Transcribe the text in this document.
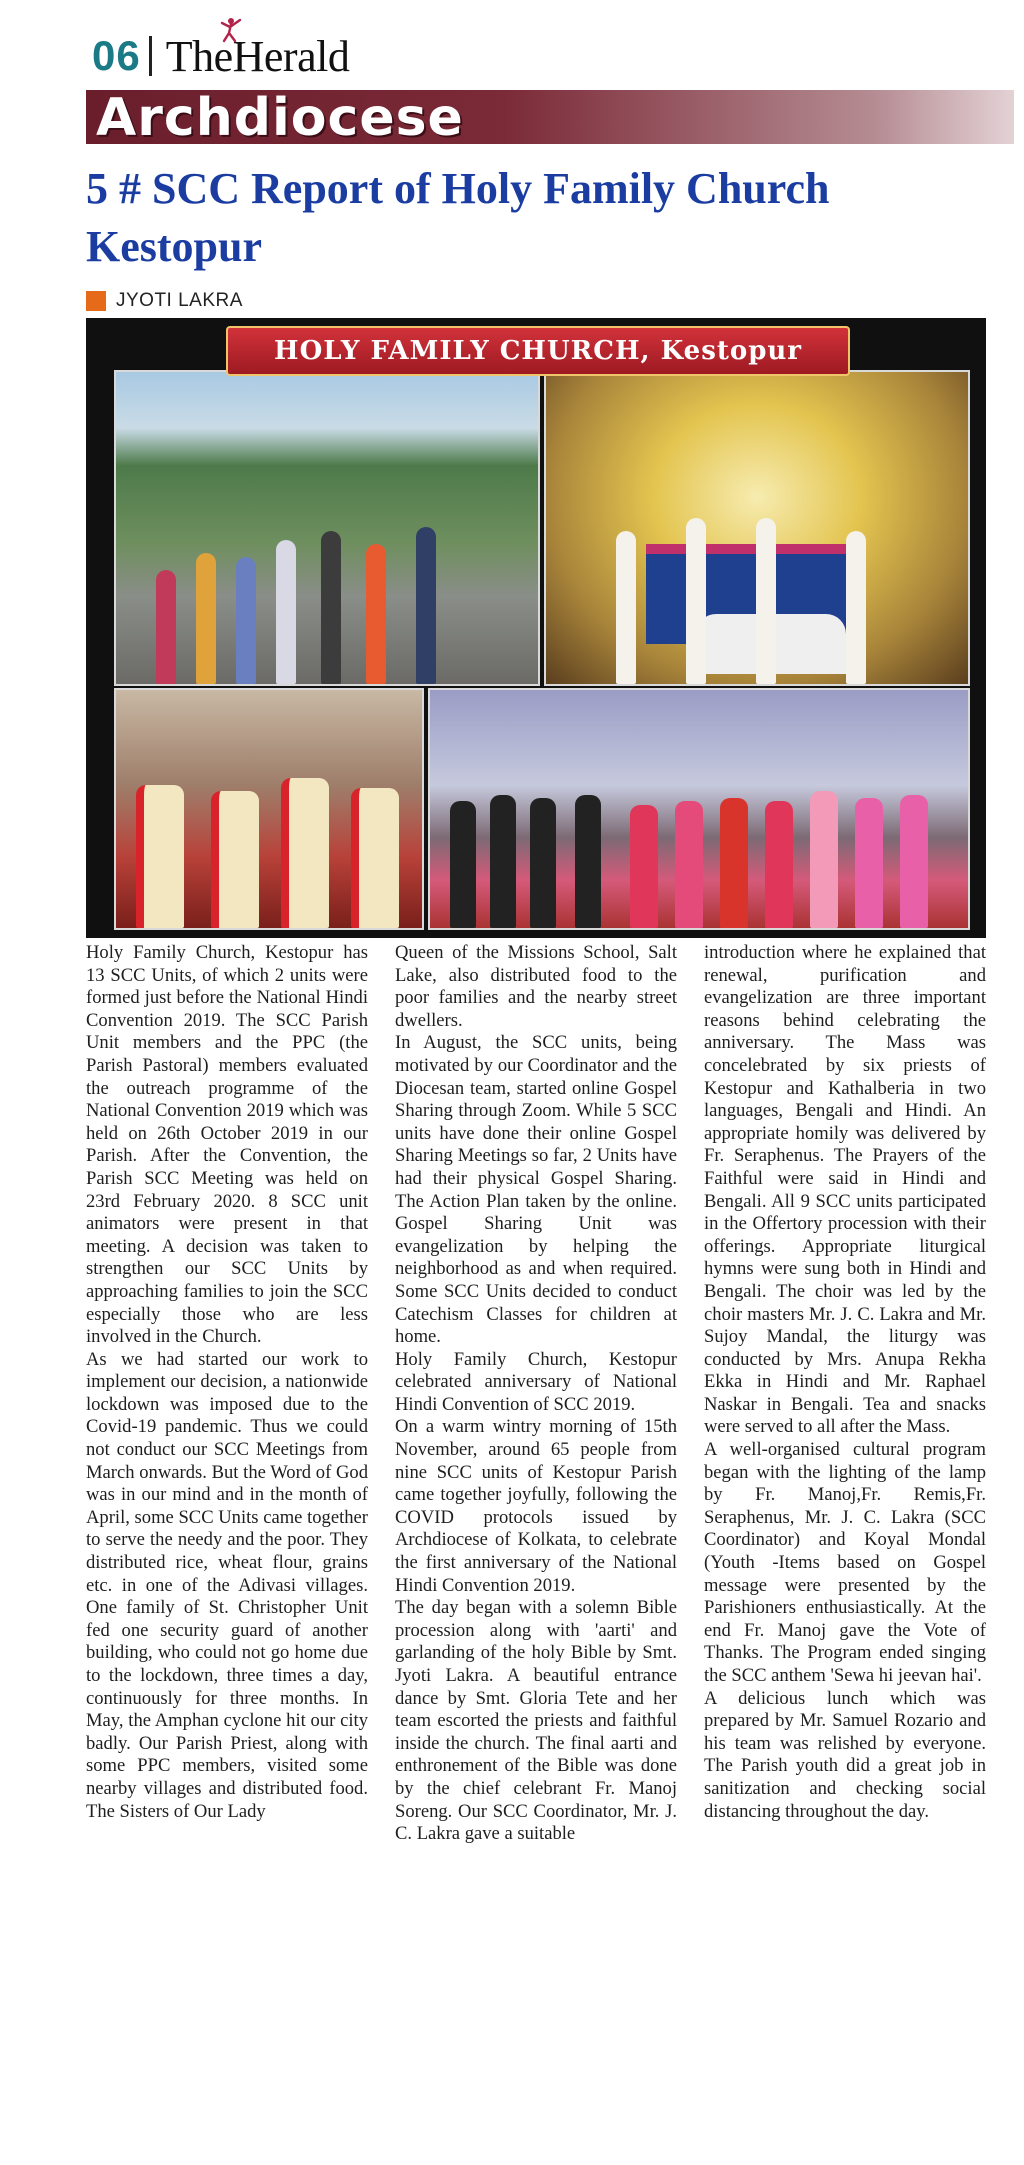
06 TheHerald
Archdiocese
5 # SCC Report of Holy Family Church Kestopur
JYOTI LAKRA
HOLY FAMILY CHURCH, Kestopur

Holy Family Church, Kestopur has 13 SCC Units, of which 2 units were formed just before the National Hindi Convention 2019. The SCC Parish Unit members and the PPC (the Parish Pastoral) members evaluated the outreach programme of the National Convention 2019 which was held on 26th October 2019 in our Parish. After the Convention, the Parish SCC Meeting was held on 23rd February 2020. 8 SCC unit animators were present in that meeting. A decision was taken to strengthen our SCC Units by approaching families to join the SCC especially those who are less involved in the Church.

As we had started our work to implement our decision, a nationwide lockdown was imposed due to the Covid-19 pandemic. Thus we could not conduct our SCC Meetings from March onwards. But the Word of God was in our mind and in the month of April, some SCC Units came together to serve the needy and the poor. They distributed rice, wheat flour, grains etc. in one of the Adivasi villages. One family of St. Christopher Unit fed one security guard of another building, who could not go home due to the lockdown, three times a day, continuously for three months. In May, the Amphan cyclone hit our city badly. Our Parish Priest, along with some PPC members, visited some nearby villages and distributed food. The Sisters of Our Lady

Queen of the Missions School, Salt Lake, also distributed food to the poor families and the nearby street dwellers.

In August, the SCC units, being motivated by our Coordinator and the Diocesan team, started online Gospel Sharing through Zoom. While 5 SCC units have done their online Gospel Sharing Meetings so far, 2 Units have had their physical Gospel Sharing. The Action Plan taken by the online. Gospel Sharing Unit was evangelization by helping the neighborhood as and when required. Some SCC Units decided to conduct Catechism Classes for children at home.

Holy Family Church, Kestopur celebrated anniversary of National Hindi Convention of SCC 2019.

On a warm wintry morning of 15th November, around 65 people from nine SCC units of Kestopur Parish came together joyfully, following the COVID protocols issued by Archdiocese of Kolkata, to celebrate the first anniversary of the National Hindi Convention 2019.

The day began with a solemn Bible procession along with 'aarti' and garlanding of the holy Bible by Smt. Jyoti Lakra. A beautiful entrance dance by Smt. Gloria Tete and her team escorted the priests and faithful inside the church. The final aarti and enthronement of the Bible was done by the chief celebrant Fr. Manoj Soreng. Our SCC Coordinator, Mr. J. C. Lakra gave a suitable

introduction where he explained that renewal, purification and evangelization are three important reasons behind celebrating the anniversary. The Mass was concelebrated by six priests of Kestopur and Kathalberia in two languages, Bengali and Hindi. An appropriate homily was delivered by Fr. Seraphenus. The Prayers of the Faithful were said in Hindi and Bengali. All 9 SCC units participated in the Offertory procession with their offerings. Appropriate liturgical hymns were sung both in Hindi and Bengali. The choir was led by the choir masters Mr. J. C. Lakra and Mr. Sujoy Mandal, the liturgy was conducted by Mrs. Anupa Rekha Ekka in Hindi and Mr. Raphael Naskar in Bengali. Tea and snacks were served to all after the Mass.

A well-organised cultural program began with the lighting of the lamp by Fr. Manoj,Fr. Remis,Fr. Seraphenus, Mr. J. C. Lakra (SCC Coordinator) and Koyal Mondal (Youth -Items based on Gospel message were presented by the Parishioners enthusiastically. At the end Fr. Manoj gave the Vote of Thanks. The Program ended singing the SCC anthem 'Sewa hi jeevan hai'.

A delicious lunch which was prepared by Mr. Samuel Rozario and his team was relished by everyone. The Parish youth did a great job in sanitization and checking social distancing throughout the day.
